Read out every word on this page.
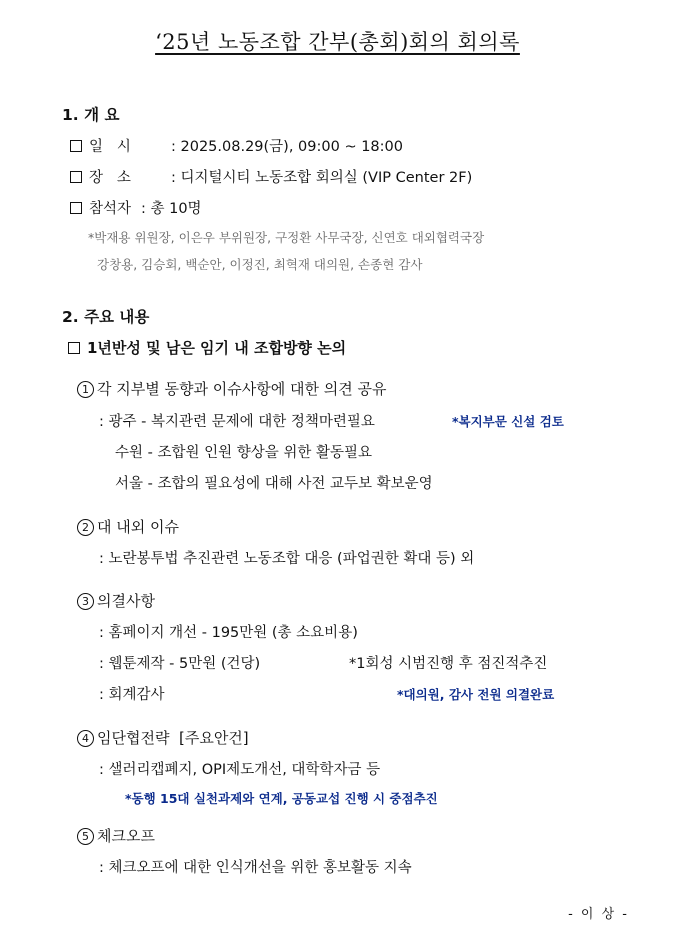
‘25년 노동조합 간부(총회)회의 회의록
1. 개 요
일   시	: 2025.08.29(금), 09:00 ~ 18:00
장   소	: 디지털시티 노동조합 회의실 (VIP Center 2F)
참석자 : 총 10명
*박재용 위원장, 이은우 부위원장, 구정환 사무국장, 신연호 대외협력국장
강창용, 김승회, 백순안, 이정진, 최혁재 대의원, 손종현 감사
2. 주요 내용
1년반성 및 남은 임기 내 조합방향 논의
1 각 지부별 동향과 이슈사항에 대한 의견 공유
: 광주 - 복지관련 문제에 대한 정책마련필요	*복지부문 신설 검토
수원 - 조합원 인원 향상을 위한 활동필요
서울 - 조합의 필요성에 대해 사전 교두보 확보운영
2 대 내외 이슈
: 노란봉투법 추진관련 노동조합 대응 (파업권한 확대 등) 외
3 의결사항
: 홈페이지 개선 - 195만원 (총 소요비용)
: 웹툰제작 - 5만원 (건당)	*1회성 시범진행 후 점진적추진
: 회계감사	*대의원, 감사 전원 의결완료
4 임단협전략  [주요안건]
: 샐러리캡폐지, OPI제도개선, 대학학자금 등
*동행 15대 실천과제와 연계, 공동교섭 진행 시 중점추진
5 체크오프
: 체크오프에 대한 인식개선을 위한 홍보활동 지속
- 이 상 -
